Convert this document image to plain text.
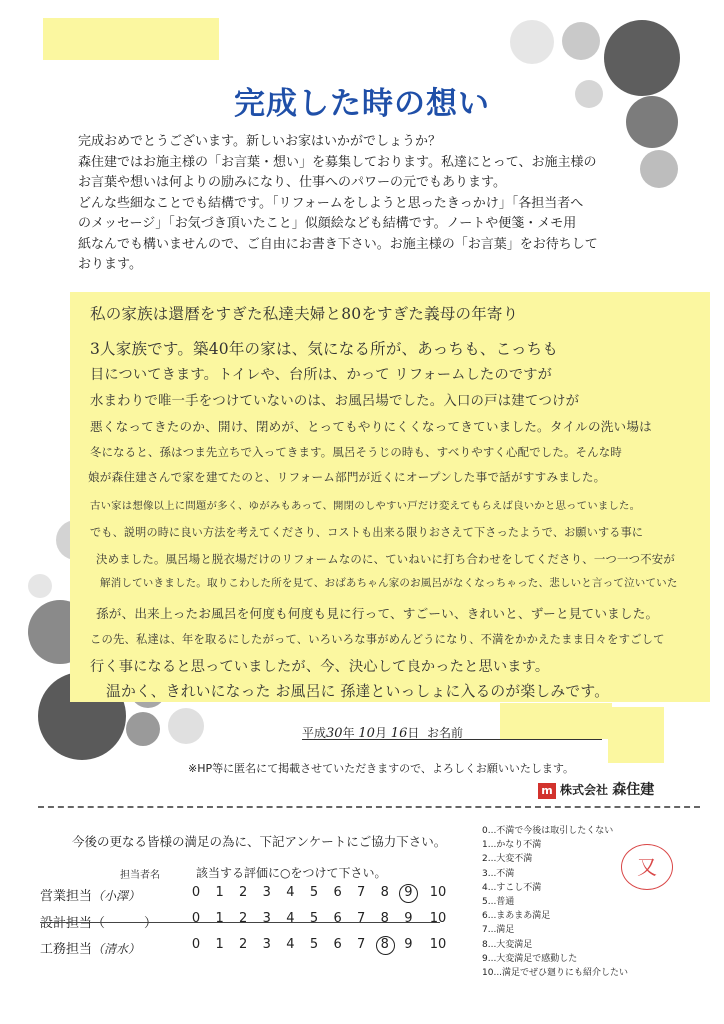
完成した時の想い
完成おめでとうございます。新しいお家はいかがでしょうか？
森住建ではお施主様の「お言葉・想い」を募集しております。私達にとって、お施主様の
お言葉や想いは何よりの励みになり、仕事へのパワーの元でもあります。
どんな些細なことでも結構です。「リフォームをしようと思ったきっかけ」「各担当者へ
のメッセージ」「お気づき頂いたこと」似顔絵なども結構です。ノートや便箋・メモ用
紙なんでも構いませんので、ご自由にお書き下さい。お施主様の「お言葉」をお待ちして
おります。
私の家族は還暦をすぎた私達夫婦と80をすぎた義母の年寄り
3人家族です。築40年の家は、気になる所が、あっちも、こっちも
目についてきます。トイレや、台所は、かって リフォームしたのですが
水まわりで唯一手をつけていないのは、お風呂場でした。入口の戸は建てつけが
悪くなってきたのか、開け、閉めが、とってもやりにくくなってきていました。タイルの洗い場は
冬になると、孫はつま先立ちで入ってきます。風呂そうじの時も、すべりやすく心配でした。そんな時
娘が森住建さんで家を建てたのと、リフォーム部門が近くにオープンした事で話がすすみました。
古い家は想像以上に問題が多く、ゆがみもあって、開閉のしやすい戸だけ変えてもらえば良いかと思っていました。
でも、説明の時に良い方法を考えてくださり、コストも出来る限りおさえて下さったようで、お願いする事に
決めました。風呂場と脱衣場だけのリフォームなのに、ていねいに打ち合わせをしてくださり、一つ一つ不安が
解消していきました。取りこわした所を見て、おばあちゃん家のお風呂がなくなっちゃった、悲しいと言って泣いていた
孫が、出来上ったお風呂を何度も何度も見に行って、すごーい、きれいと、ずーと見ていました。
この先、私達は、年を取るにしたがって、いろいろな事がめんどうになり、不満をかかえたまま日々をすごして
行く事になると思っていましたが、今、決心して良かったと思います。
温かく、きれいになった お風呂に 孫達といっしょに入るのが楽しみです。
平成30年 10月 16日 お名前
※HP等に匿名にて掲載させていただきますので、よろしくお願いいたします。
m 株式会社 森住建
今後の更なる皆様の満足の為に、下記アンケートにご協力下さい。
担当者名	該当する評価に○をつけて下さい。
営業担当（小澤）
設計担当（　　　）
工務担当（清水）
0 1 2 3 4 5 6 7 8 9 10
0 1 2 3 4 5 6 7 8 9 10
0 1 2 3 4 5 6 7 8 9 10
0...不満で今後は取引したくない
1...かなり不満
2...大変不満
3...不満
4...すこし不満
5...普通
6...まあまあ満足
7...満足
8...大変満足
9...大変満足で感動した
10...満足でぜひ廻りにも紹介したい
又
